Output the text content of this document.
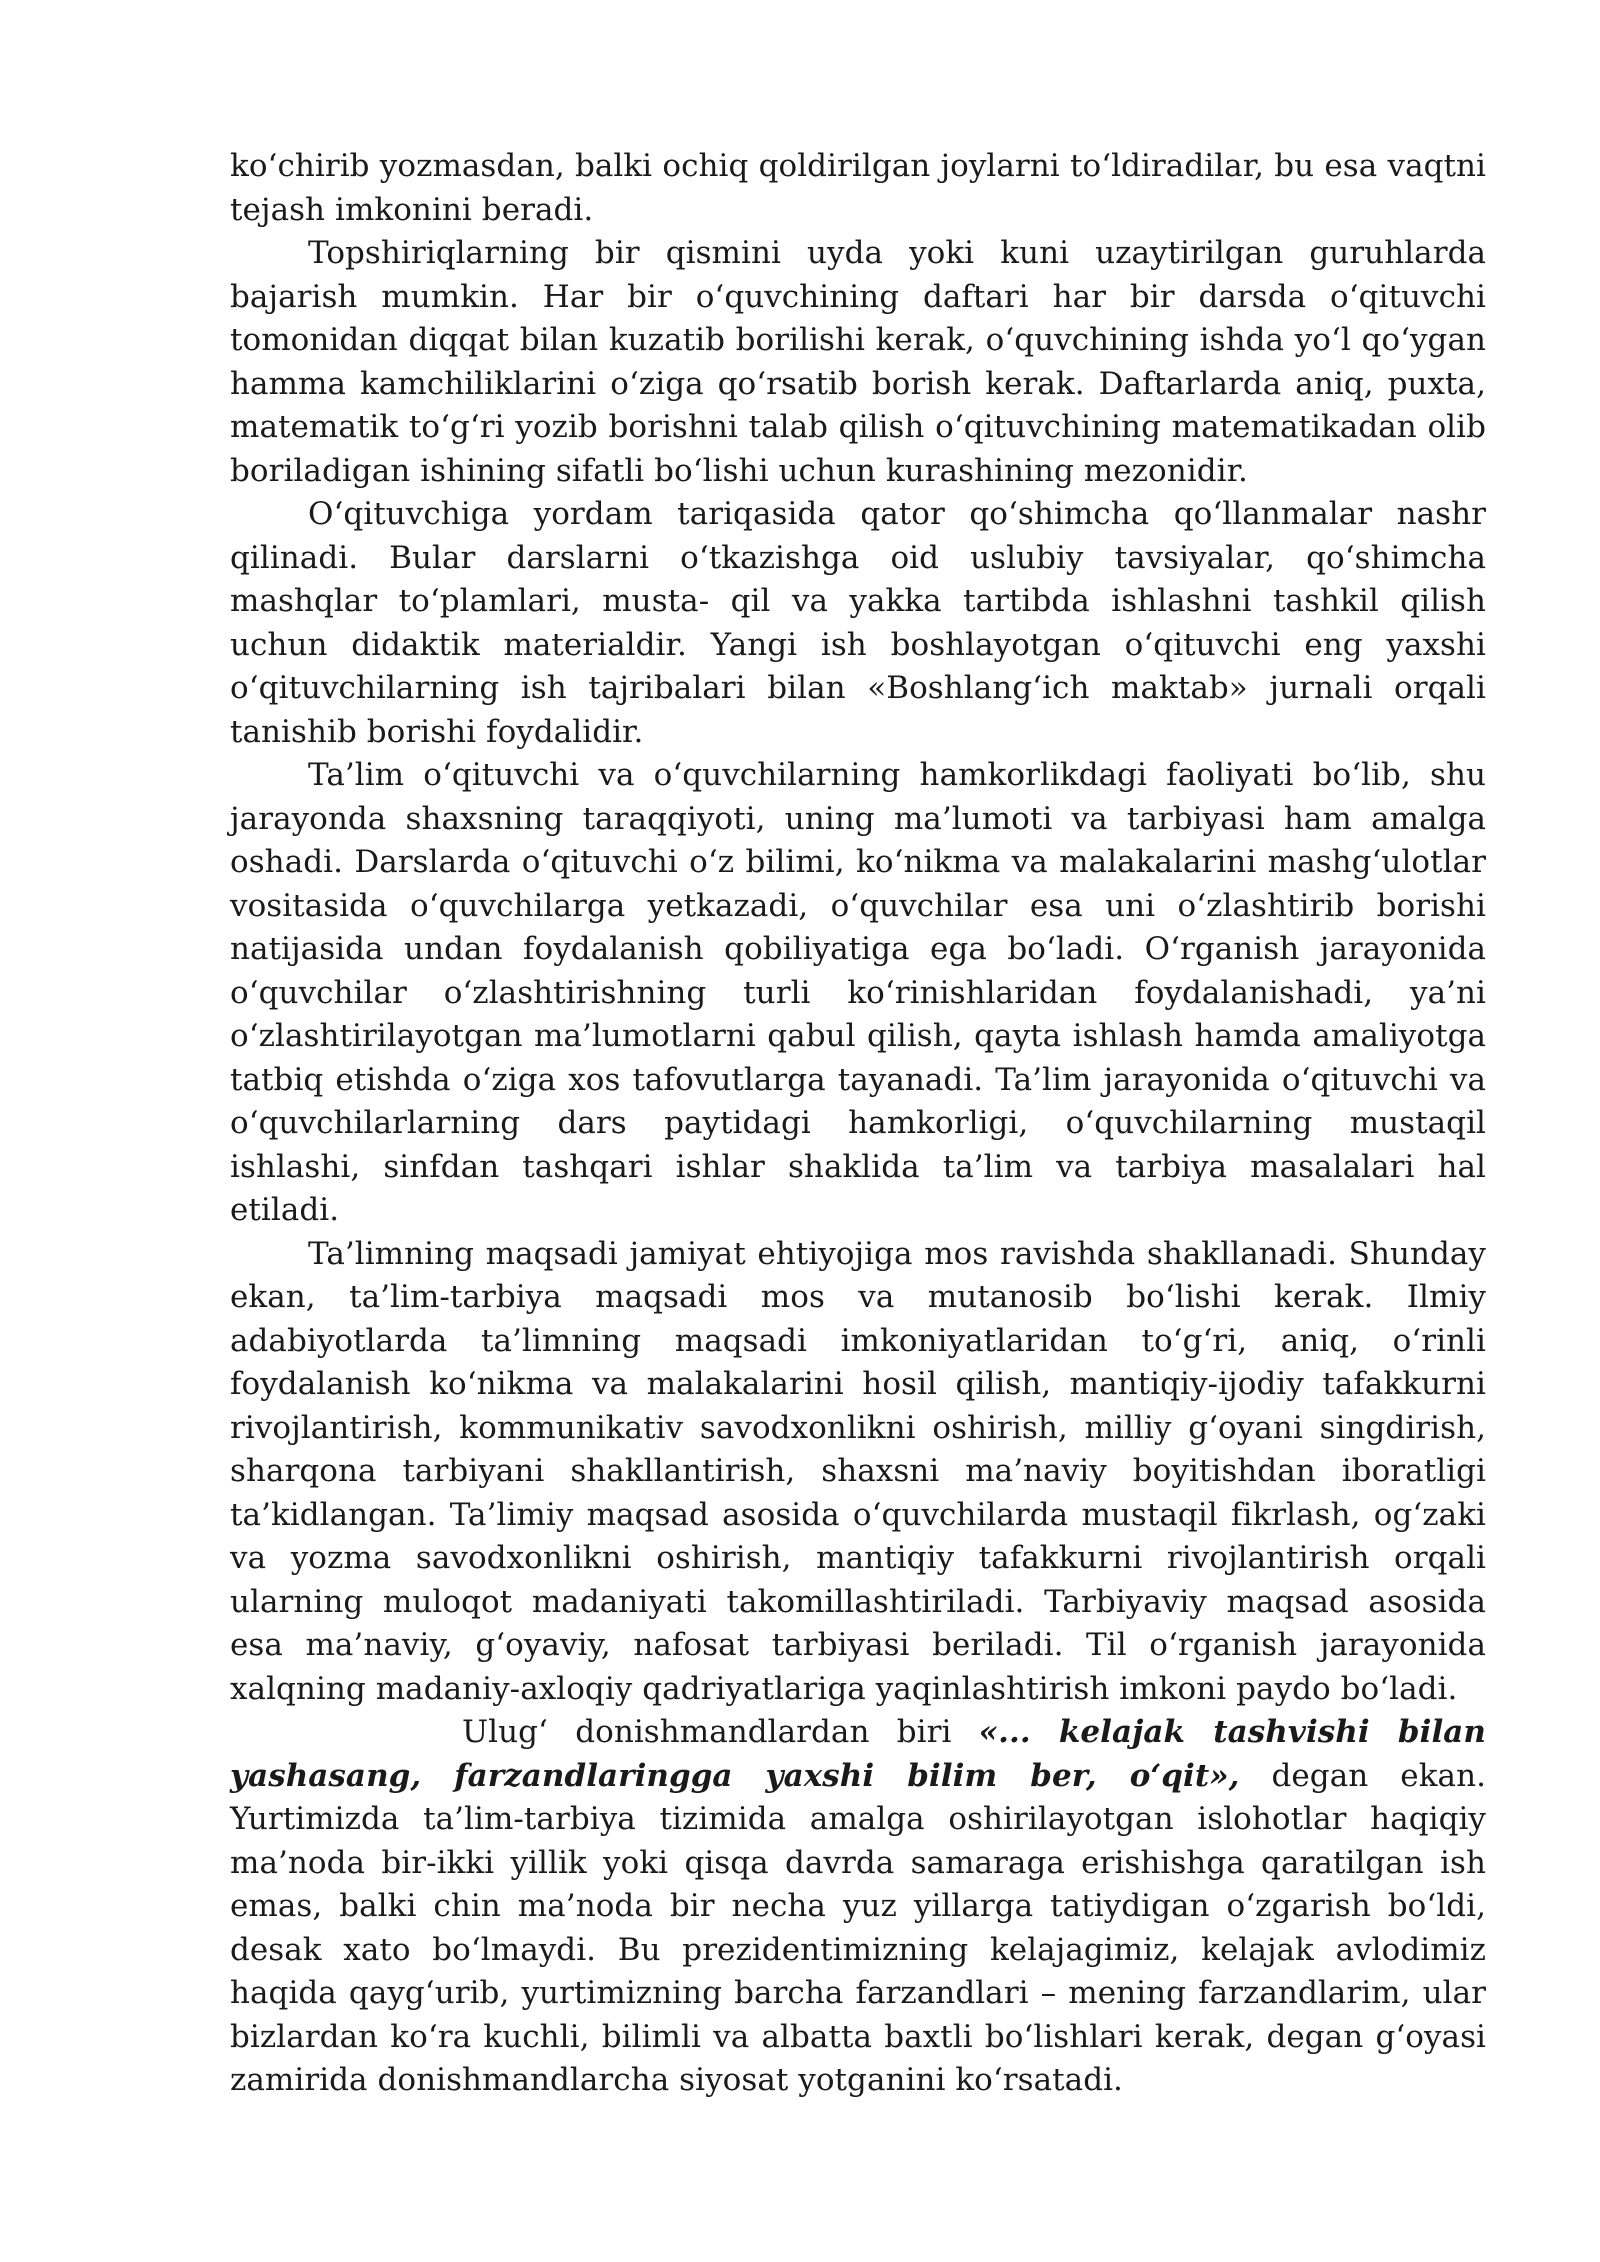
ko‘chirib yozmasdan, balki ochiq qoldirilgan joylarni to‘ldiradilar, bu esa vaqtni tejash imkonini beradi.

Topshiriqlarning bir qismini uyda yoki kuni uzaytirilgan guruhlarda bajarish mumkin. Har bir o‘quvchining daftari har bir darsda o‘qituvchi tomonidan diqqat bilan kuzatib borilishi kerak, o‘quvchining ishda yo‘l qo‘ygan hamma kamchiliklarini o‘ziga qo‘rsatib borish kerak. Daftarlarda aniq, puxta, matematik to‘g‘ri yozib borishni talab qilish o‘qituvchining matematikadan olib boriladigan ishining sifatli bo‘lishi uchun kurashining mezonidir.

O‘qituvchiga yordam tariqasida qator qo‘shimcha qo‘llanmalar nashr qilinadi. Bular darslarni o‘tkazishga oid uslubiy tavsiyalar, qo‘shimcha mashqlar to‘plamlari, musta- qil va yakka tartibda ishlashni tashkil qilish uchun didaktik materialdir. Yangi ish boshlayotgan o‘qituvchi eng yaxshi o‘qituvchilarning ish tajribalari bilan «Boshlang‘ich maktab» jurnali orqali tanishib borishi foydalidir.

Ta’lim o‘qituvchi va o‘quvchilarning hamkorlikdagi faoliyati bo‘lib, shu jarayonda shaxsning taraqqiyoti, uning ma’lumoti va tarbiyasi ham amalga oshadi. Darslarda o‘qituvchi o‘z bilimi, ko‘nikma va malakalarini mashg‘ulotlar vositasida o‘quvchilarga yetkazadi, o‘quvchilar esa uni o‘zlashtirib borishi natijasida undan foydalanish qobiliyatiga ega bo‘ladi. O‘rganish jarayonida o‘quvchilar o‘zlashtirishning turli ko‘rinishlaridan foydalanishadi, ya’ni o‘zlashtirilayotgan ma’lumotlarni qabul qilish, qayta ishlash hamda amaliyotga tatbiq etishda o‘ziga xos tafovutlarga tayanadi. Ta’lim jarayonida o‘qituvchi va o‘quvchilarlarning dars paytidagi hamkorligi, o‘quvchilarning mustaqil ishlashi, sinfdan tashqari ishlar shaklida ta’lim va tarbiya masalalari hal etiladi.

Ta’limning maqsadi jamiyat ehtiyojiga mos ravishda shakllanadi. Shunday ekan, ta’lim-tarbiya maqsadi mos va mutanosib bo‘lishi kerak. Ilmiy adabiyotlarda ta’limning maqsadi imkoniyatlaridan to‘g‘ri, aniq, o‘rinli foydalanish ko‘nikma va malakalarini hosil qilish, mantiqiy-ijodiy tafakkurni rivojlantirish, kommunikativ savodxonlikni oshirish, milliy g‘oyani singdirish, sharqona tarbiyani shakllantirish, shaxsni ma’naviy boyitishdan iboratligi ta’kidlangan. Ta’limiy maqsad asosida o‘quvchilarda mustaqil fikrlash, og‘zaki va yozma savodxonlikni oshirish, mantiqiy tafakkurni rivojlantirish orqali ularning muloqot madaniyati takomillashtiriladi. Tarbiyaviy maqsad asosida esa ma’naviy, g‘oyaviy, nafosat tarbiyasi beriladi. Til o‘rganish jarayonida xalqning madaniy-axloqiy qadriyatlariga yaqinlashtirish imkoni paydo bo‘ladi.

Ulug‘ donishmandlardan biri «... kelajak tashvishi bilan yashasang, farzandlaringga yaxshi bilim ber, o‘qit», degan ekan. Yurtimizda ta’lim-tarbiya tizimida amalga oshirilayotgan islohotlar haqiqiy ma’noda bir-ikki yillik yoki qisqa davrda samaraga erishishga qaratilgan ish emas, balki chin ma’noda bir necha yuz yillarga tatiydigan o‘zgarish bo‘ldi, desak xato bo‘lmaydi. Bu prezidentimizning kelajagimiz, kelajak avlodimiz haqida qayg‘urib, yurtimizning barcha farzandlari – mening farzandlarim, ular bizlardan ko‘ra kuchli, bilimli va albatta baxtli bo‘lishlari kerak, degan g‘oyasi zamirida donishmandlarcha siyosat yotganini ko‘rsatadi.
